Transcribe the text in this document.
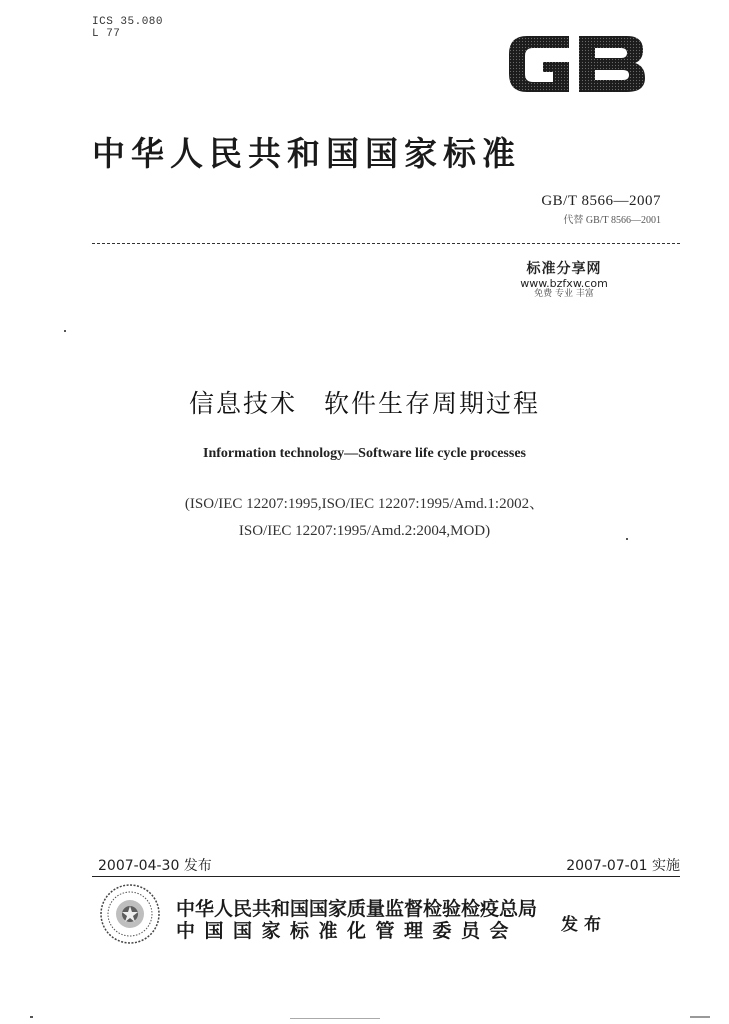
ICS 35.080
L 77
中华人民共和国国家标准
GB/T 8566—2007
代替 GB/T 8566—2001
标准分享网
www.bzfxw.com
免费 专业 丰富
信息技术　软件生存周期过程
Information technology—Software life cycle processes
(ISO/IEC 12207:1995,ISO/IEC 12207:1995/Amd.1:2002、
ISO/IEC 12207:1995/Amd.2:2004,MOD)
2007-04-30 发布	2007-07-01 实施
中华人民共和国国家质量监督检验检疫总局
中国国家标准化管理委员会	发布
